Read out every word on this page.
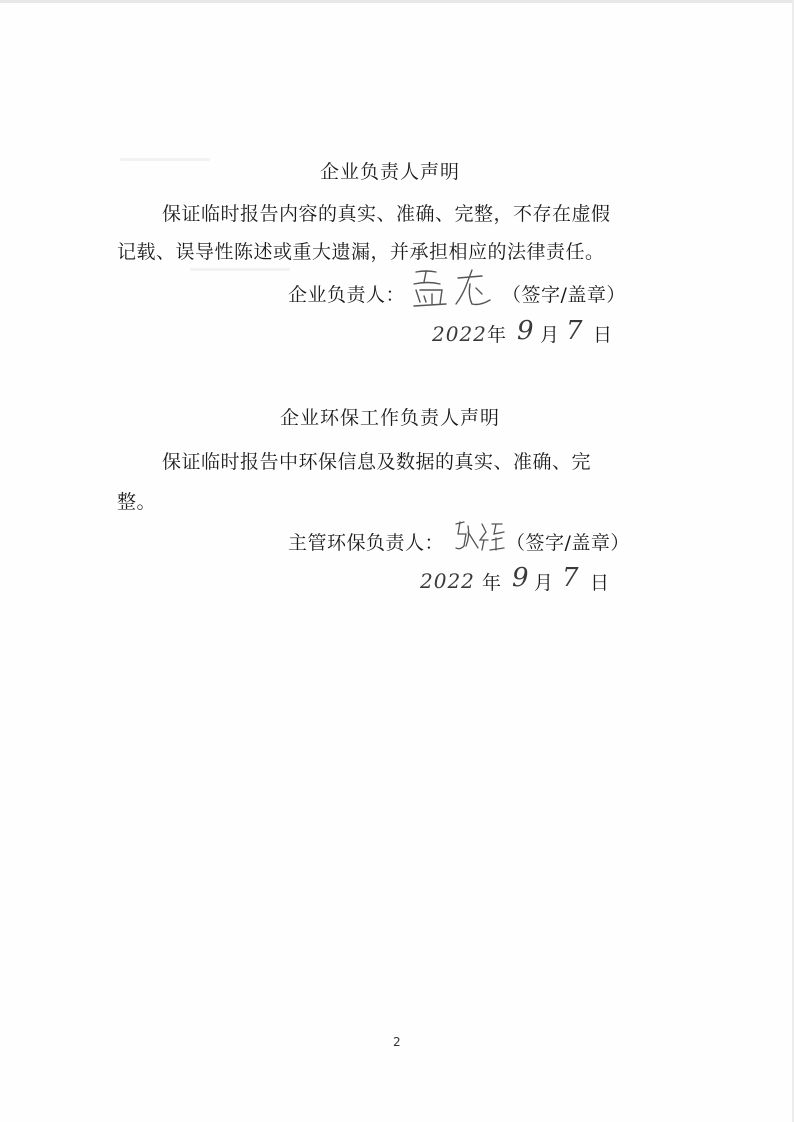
企业负责人声明
保证临时报告内容的真实、准确、完整，不存在虚假
记载、误导性陈述或重大遗漏，并承担相应的法律责任。
企业负责人：	（签字/盖章）
2022 年 9 月 7 日
企业环保工作负责人声明
保证临时报告中环保信息及数据的真实、准确、完
整。
主管环保负责人：	（签字/盖章）
2022 年 9 月 7 日
2
